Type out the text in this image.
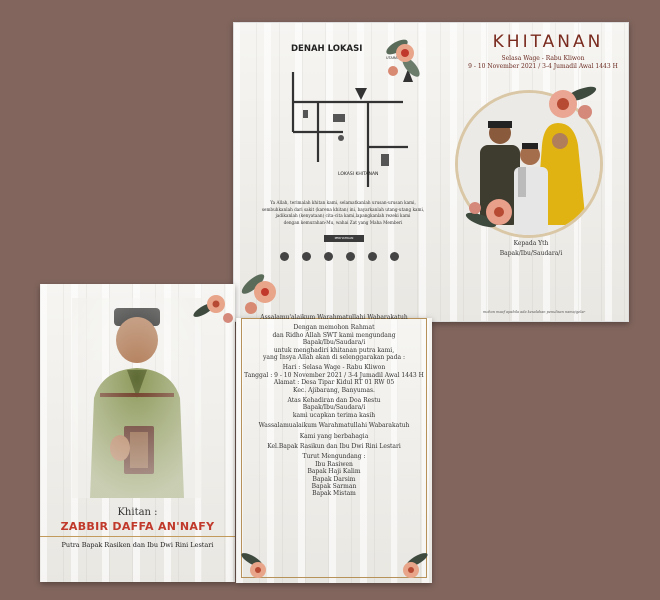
DENAH LOKASI
UTARA
LOKASI KHITANAN
Ya Allah, terimalah khitan kami, selamatkanlah urusan-urusan kami,
sembuhkanlah dari sakit (karena khitan) ini, bayarkanlah utang-utang kami,
jadikanlah (kenyataan) cita-cita kami,lapangkanlah rezeki kami
dengan kemurahan-Mu, wahai Zat yang Maha Memberi
PERHATIKAN
KHITANAN
Selasa Wage - Rabu Kliwon
9 - 10 November 2021 / 3-4 Jumadil Awal 1443 H
Kepada Yth
Bapak/Ibu/Saudara/i
mohon maaf apabila ada kesalahan penulisan nama/gelar
Khitan :
ZABBIR DAFFA AN'NAFY
Putra Bapak Rasiken dan Ibu Dwi Rini Lestari
Assalamu'alaikum Warahmatullahi Wabarakatuh
Dengan memohon Rahmat
dan Ridho Allah SWT kami mengundang
Bapak/Ibu/Saudara/i
untuk menghadiri khitanan putra kami,
yang Insya Allah akan di selenggarakan pada :
Hari : Selasa Wage - Rabu Kliwon
Tanggal : 9 - 10 November 2021 / 3-4 Jumadil Awal 1443 H
Alamat : Desa Tipar Kidul RT 01 RW 05
Kec. Ajibarang, Banyumas.
Atas Kehadiran dan Doa Restu
Bapak/Ibu/Saudara/i
kami ucapkan terima kasih
Wassalamualaikum Warahmatullahi Wabarakatuh
Kami yang berbahagia
Kel.Bapak Rasikun dan Ibu Dwi Rini Lestari
Turut Mengundang :
Ibu Rasiwen
Bapak Haji Kalim
Bapak Darsim
Bapak Sarman
Bapak Mistam
